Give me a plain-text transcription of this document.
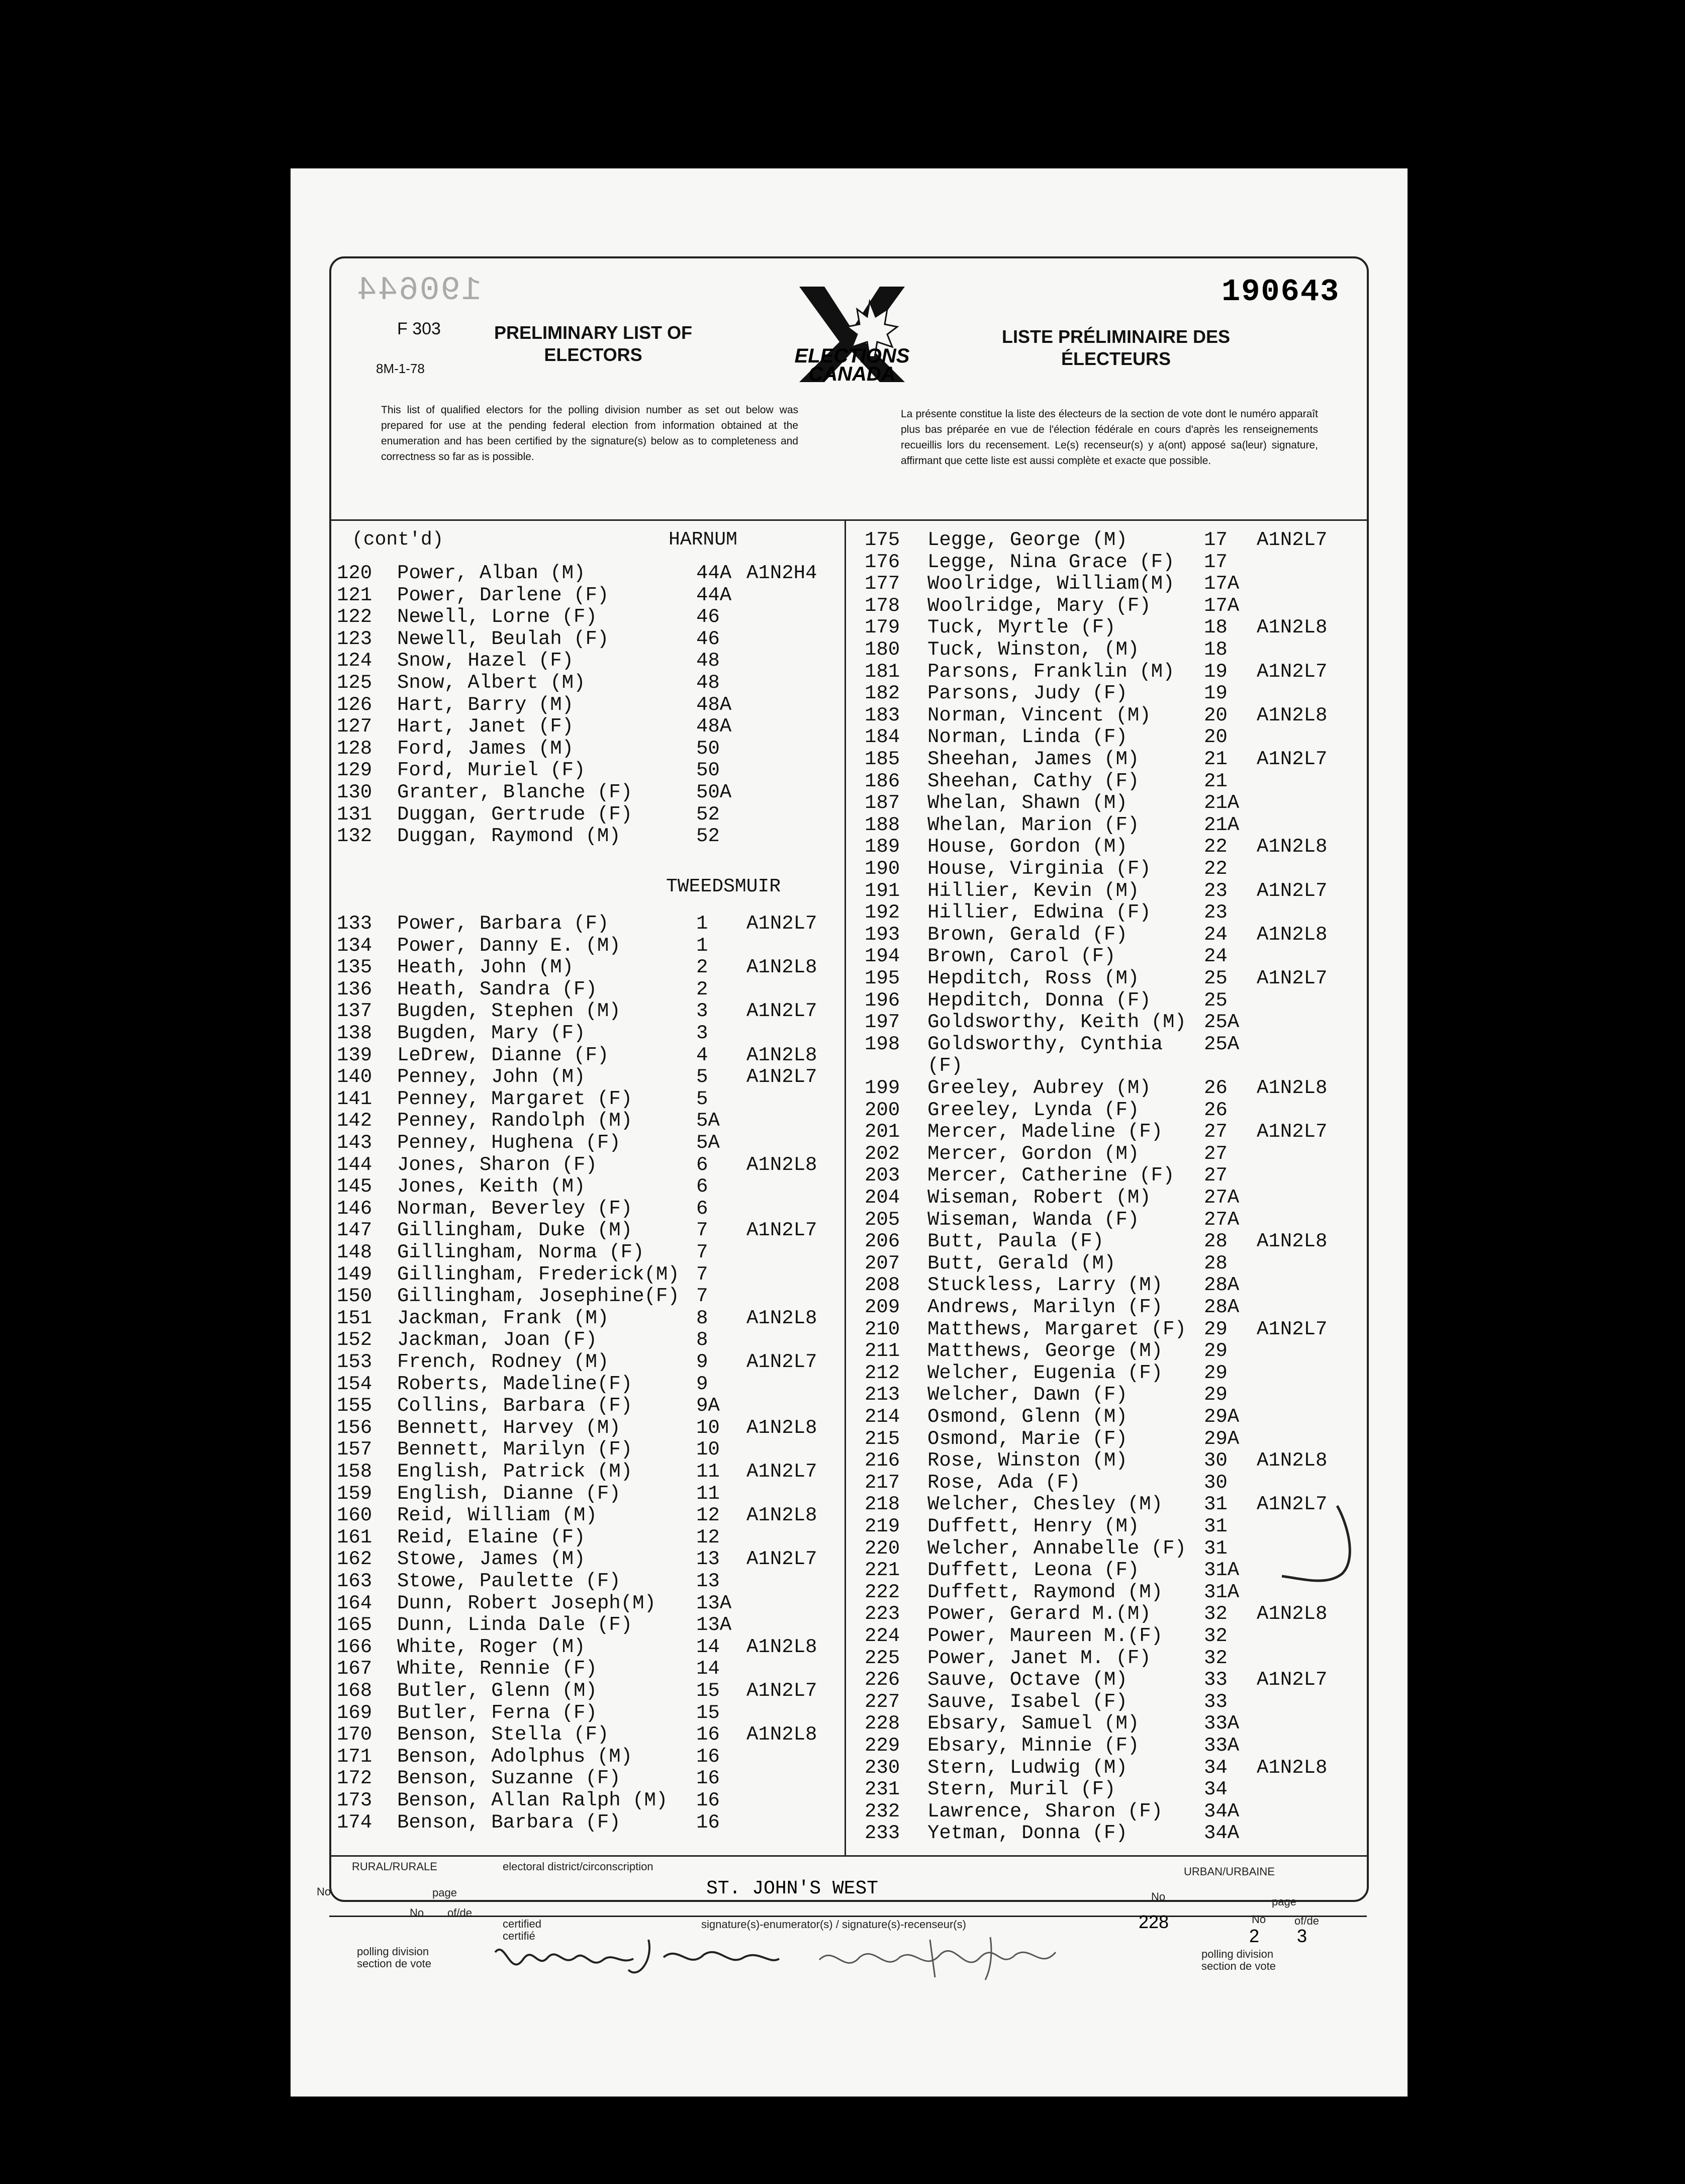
190644	190643
F 303
8M-1-78
PRELIMINARY LIST OF
ELECTORS
LISTE PRÉLIMINAIRE DES
ÉLECTEURS
ELECTIONS
CANADA
This list of qualified electors for the polling division number as set out below was prepared for use at the pending federal election from information obtained at the enumeration and has been certified by the signature(s) below as to completeness and correctness so far as is possible.
La présente constitue la liste des électeurs de la section de vote dont le numéro apparaît plus bas préparée en vue de l'élection fédérale en cours d'après les renseignements recueillis lors du recensement. Le(s) recenseur(s) y a(ont) apposé sa(leur) signature, affirmant que cette liste est aussi complète et exacte que possible.
(cont'd)	HARNUM
TWEEDSMUIR
120 Power, Alban (M)	44A A1N2H4
121 Power, Darlene (F)	44A
122 Newell, Lorne (F)	46
123 Newell, Beulah (F)	46
124 Snow, Hazel (F)	48
125 Snow, Albert (M)	48
126 Hart, Barry (M)	48A
127 Hart, Janet (F)	48A
128 Ford, James (M)	50
129 Ford, Muriel (F)	50
130 Granter, Blanche (F)	50A
131 Duggan, Gertrude (F)	52
132 Duggan, Raymond (M)	52
133 Power, Barbara (F)	1 A1N2L7
134 Power, Danny E. (M)	1
135 Heath, John (M)	2 A1N2L8
136 Heath, Sandra (F)	2
137 Bugden, Stephen (M)	3 A1N2L7
138 Bugden, Mary (F)	3
139 LeDrew, Dianne (F)	4 A1N2L8
140 Penney, John (M)	5 A1N2L7
141 Penney, Margaret (F)	5
142 Penney, Randolph (M)	5A
143 Penney, Hughena (F)	5A
144 Jones, Sharon (F)	6 A1N2L8
145 Jones, Keith (M)	6
146 Norman, Beverley (F)	6
147 Gillingham, Duke (M)	7 A1N2L7
148 Gillingham, Norma (F)	7
149 Gillingham, Frederick(M) 7
150 Gillingham, Josephine(F) 7
151 Jackman, Frank (M)	8 A1N2L8
152 Jackman, Joan (F)	8
153 French, Rodney (M)	9 A1N2L7
154 Roberts, Madeline(F)	9
155 Collins, Barbara (F)	9A
156 Bennett, Harvey (M)	10 A1N2L8
157 Bennett, Marilyn (F)	10
158 English, Patrick (M)	11 A1N2L7
159 English, Dianne (F)	11
160 Reid, William (M)	12 A1N2L8
161 Reid, Elaine (F)	12
162 Stowe, James (M)	13 A1N2L7
163 Stowe, Paulette (F)	13
164 Dunn, Robert Joseph(M) 13A
165 Dunn, Linda Dale (F)	13A
166 White, Roger (M)	14 A1N2L8
167 White, Rennie (F)	14
168 Butler, Glenn (M)	15 A1N2L7
169 Butler, Ferna (F)	15
170 Benson, Stella (F)	16 A1N2L8
171 Benson, Adolphus (M)	16
172 Benson, Suzanne (F)	16
173 Benson, Allan Ralph (M) 16
174 Benson, Barbara (F)	16
175 Legge, George (M)	17 A1N2L7
176 Legge, Nina Grace (F) 17
177 Woolridge, William(M) 17A
178 Woolridge, Mary (F)	17A
179 Tuck, Myrtle (F)	18 A1N2L8
180 Tuck, Winston, (M)	18
181 Parsons, Franklin (M) 19 A1N2L7
182 Parsons, Judy (F)	19
183 Norman, Vincent (M)	20 A1N2L8
184 Norman, Linda (F)	20
185 Sheehan, James (M)	21 A1N2L7
186 Sheehan, Cathy (F)	21
187 Whelan, Shawn (M)	21A
188 Whelan, Marion (F)	21A
189 House, Gordon (M)	22 A1N2L8
190 House, Virginia (F)	22
191 Hillier, Kevin (M)	23 A1N2L7
192 Hillier, Edwina (F)	23
193 Brown, Gerald (F)	24 A1N2L8
194 Brown, Carol (F)	24
195 Hepditch, Ross (M)	25 A1N2L7
196 Hepditch, Donna (F)	25
197 Goldsworthy, Keith (M) 25A
198 Goldsworthy, Cynthia 25A
(F)
199 Greeley, Aubrey (M)	26 A1N2L8
200 Greeley, Lynda (F)	26
201 Mercer, Madeline (F) 27 A1N2L7
202 Mercer, Gordon (M)	27
203 Mercer, Catherine (F) 27
204 Wiseman, Robert (M)	27A
205 Wiseman, Wanda (F)	27A
206 Butt, Paula (F)	28 A1N2L8
207 Butt, Gerald (M)	28
208 Stuckless, Larry (M) 28A
209 Andrews, Marilyn (F) 28A
210 Matthews, Margaret (F) 29 A1N2L7
211 Matthews, George (M) 29
212 Welcher, Eugenia (F) 29
213 Welcher, Dawn (F)	29
214 Osmond, Glenn (M)	29A
215 Osmond, Marie (F)	29A
216 Rose, Winston (M)	30 A1N2L8
217 Rose, Ada (F)	30
218 Welcher, Chesley (M) 31 A1N2L7
219 Duffett, Henry (M)	31
220 Welcher, Annabelle (F) 31
221 Duffett, Leona (F)	31A
222 Duffett, Raymond (M) 31A
223 Power, Gerard M.(M)	32 A1N2L8
224 Power, Maureen M.(F) 32
225 Power, Janet M. (F)	32
226 Sauve, Octave (M)	33 A1N2L7
227 Sauve, Isabel (F)	33
228 Ebsary, Samuel (M)	33A
229 Ebsary, Minnie (F)	33A
230 Stern, Ludwig (M)	34 A1N2L8
231 Stern, Muril (F)	34
232 Lawrence, Sharon (F) 34A
233 Yetman, Donna (F)	34A
RURAL/RURALE	electoral district/circonscription	URBAN/URBAINE
No	page
No of/de
ST. JOHN'S WEST	No	page
certified certifié
signature(s)-enumerator(s) / signature(s)-recenseur(s)	228	No
2
of/de
3
polling division section de vote
polling division section de vote
